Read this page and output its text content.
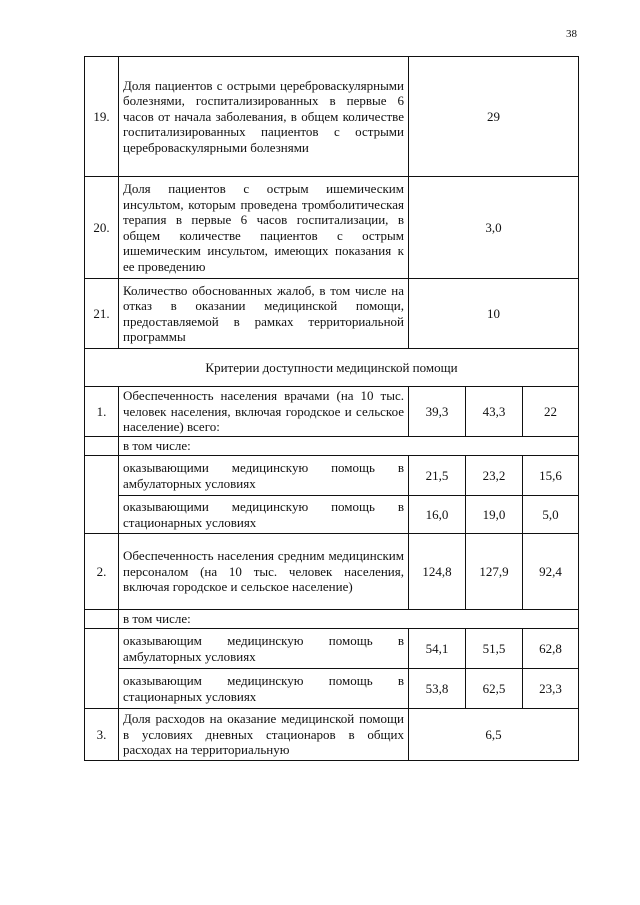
38
19.	Доля пациентов с острыми цереброваскулярными болезнями, госпитализированных в первые 6 часов от начала заболевания, в общем количестве госпитализированных пациентов с острыми цереброваскулярными болезнями	29		
20.	Доля пациентов с острым ишемическим инсультом, которым проведена тромболитическая терапия в первые 6 часов госпитализации, в общем количестве пациентов с острым ишемическим инсультом, имеющих показания к ее проведению	3,0		
21.	Количество обоснованных жалоб, в том числе на отказ в оказании медицинской помощи, предоставляемой в рамках территориальной программы	10		
Критерии доступности медицинской помощи				
1.	Обеспеченность населения врачами (на 10 тыс. человек населения, включая городское и сельское население) всего:	39,3	43,3	22
	в том числе:			
	оказывающими медицинскую помощь в амбулаторных условиях	21,5	23,2	15,6
	оказывающими медицинскую помощь в стационарных условиях	16,0	19,0	5,0
2.	Обеспеченность населения средним медицинским персоналом (на 10 тыс. человек населения, включая городское и сельское население)	124,8	127,9	92,4
	в том числе:			
	оказывающим медицинскую помощь в амбулаторных условиях	54,1	51,5	62,8
	оказывающим медицинскую помощь в стационарных условиях	53,8	62,5	23,3
3.	Доля расходов на оказание медицинской помощи в условиях дневных стационаров в общих расходах на территориальную	6,5		
